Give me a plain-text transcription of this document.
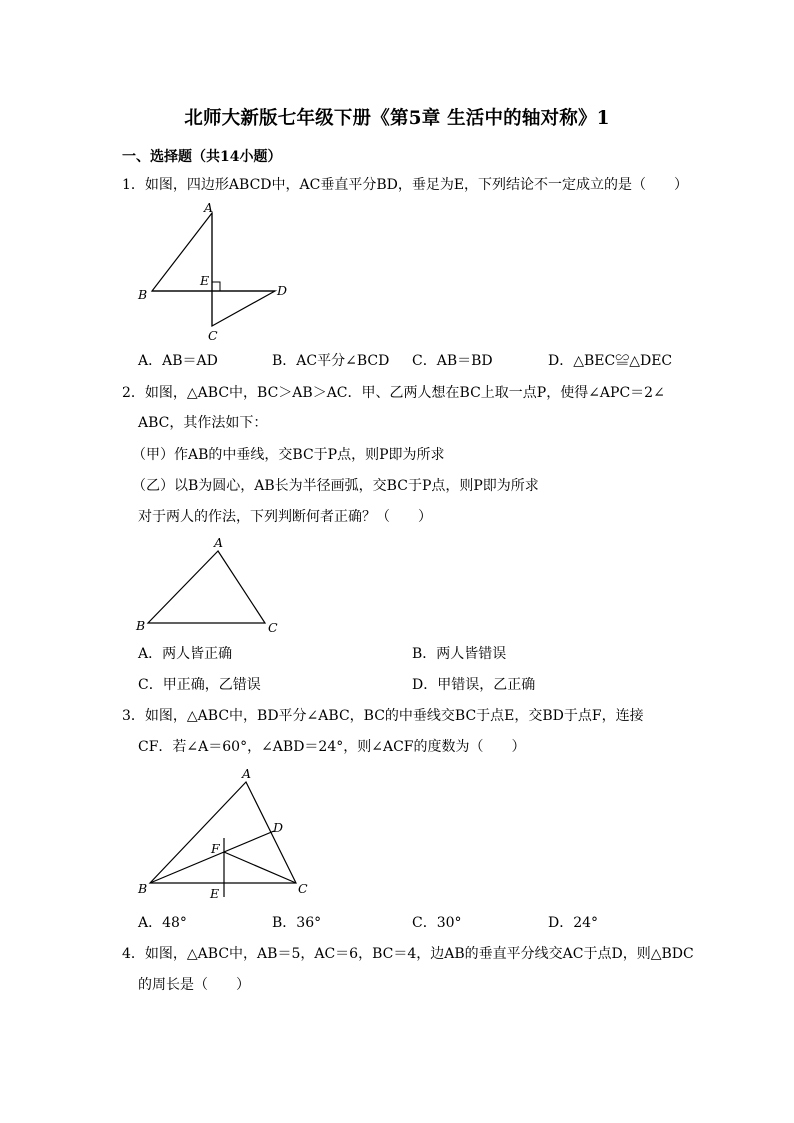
北师大新版七年级下册《第5章 生活中的轴对称》1
一、选择题（共14小题）
1．如图，四边形ABCD中，AC垂直平分BD，垂足为E，下列结论不一定成立的是（　　）
A
B
C
D
E
A．AB＝AD	B．AC平分∠BCD C．AB＝BD	D．△BEC≌△DEC
2．如图，△ABC中，BC＞AB＞AC．甲、乙两人想在BC上取一点P，使得∠APC＝2∠
ABC，其作法如下：
（甲）作AB的中垂线，交BC于P点，则P即为所求
（乙）以B为圆心，AB长为半径画弧，交BC于P点，则P即为所求
对于两人的作法，下列判断何者正确？（　　）
A
B	C
A．两人皆正确	B．两人皆错误
C．甲正确，乙错误	D．甲错误，乙正确
3．如图，△ABC中，BD平分∠ABC，BC的中垂线交BC于点E，交BD于点F，连接
CF．若∠A＝60°，∠ABD＝24°，则∠ACF的度数为（　　）
A
B	C
D
E
F
A．48°	B．36°	C．30°	D．24°
4．如图，△ABC中，AB＝5，AC＝6，BC＝4，边AB的垂直平分线交AC于点D，则△BDC
的周长是（　　）
